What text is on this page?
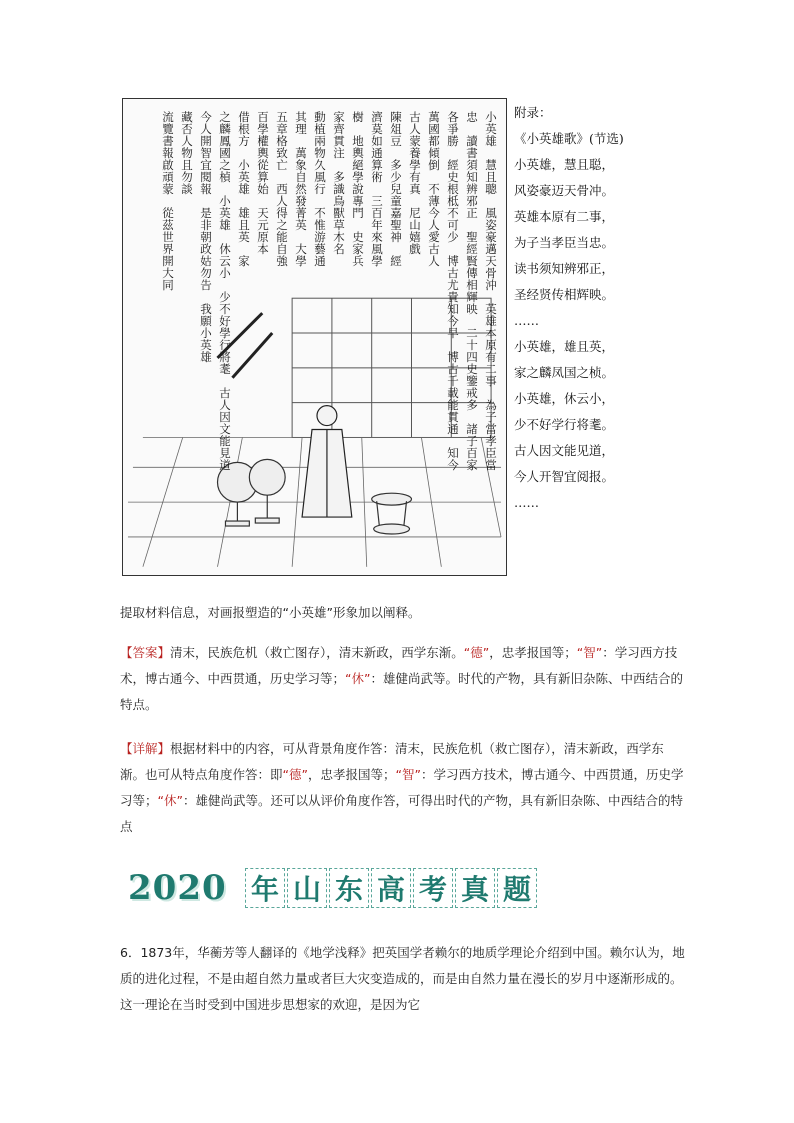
小英雄　慧且聰　風姿豪邁天骨沖　英雄本原有二事　為子當孝臣當
忠　讀書須知辨邪正　聖經賢傳相輝映　二十四史鑒戒多　諸子百家
各爭勝　經史根柢不可少　博古尤貴知今早　博古千載能貫通　知今
萬國都傾倒　不薄今人愛古人
古人蒙養學有真　尼山嬉戲
陳俎豆　多少兒童嘉聖神　經
濟莫如通算術　三百年來風學
樹　地輿絕學說專門　史家兵
家齊貫注　多識鳥獸草木名
動植兩物久風行　不惟游藝通
其理　萬象自然發菁英　大學
五章格致亡　西人得之能自強
百學權輿從算始　天元原本
借根方　小英雄　雄且英　家
之麟鳳國之楨　小英雄　休云小　少不好學行將耄　古人因文能見道
今人開智宜閱報　是非朝政姑勿告　我願小英雄
藏否人物且勿談
流覽書報啟頑蒙　從茲世界開大同	附录：
《小英雄歌》(节选)
小英雄，慧且聪，
风姿豪迈天骨冲。
英雄本原有二事，
为子当孝臣当忠。
读书须知辨邪正，
圣经贤传相辉映。
……
小英雄，雄且英，
家之麟凤国之桢。
小英雄，休云小，
少不好学行将耄。
古人因文能见道，
今人开智宜阅报。
……
提取材料信息，对画报塑造的“小英雄”形象加以阐释。
【答案】清末，民族危机（救亡图存），清末新政，西学东渐。“德”，忠孝报国等；“智”：学习西方技术，博古通今、中西贯通，历史学习等；“休”：雄健尚武等。时代的产物，具有新旧杂陈、中西结合的特点。
【详解】根据材料中的内容，可从背景角度作答：清末，民族危机（救亡图存），清末新政，西学东渐。也可从特点角度作答：即“德”，忠孝报国等；“智”：学习西方技术，博古通今、中西贯通，历史学习等；“休”：雄健尚武等。还可以从评价角度作答，可得出时代的产物，具有新旧杂陈、中西结合的特点
2020 年 山 东 高 考 真 题
6．1873年，华蘅芳等人翻译的《地学浅释》把英国学者赖尔的地质学理论介绍到中国。赖尔认为，地质的进化过程，不是由超自然力量或者巨大灾变造成的，而是由自然力量在漫长的岁月中逐渐形成的。这一理论在当时受到中国进步思想家的欢迎，是因为它
